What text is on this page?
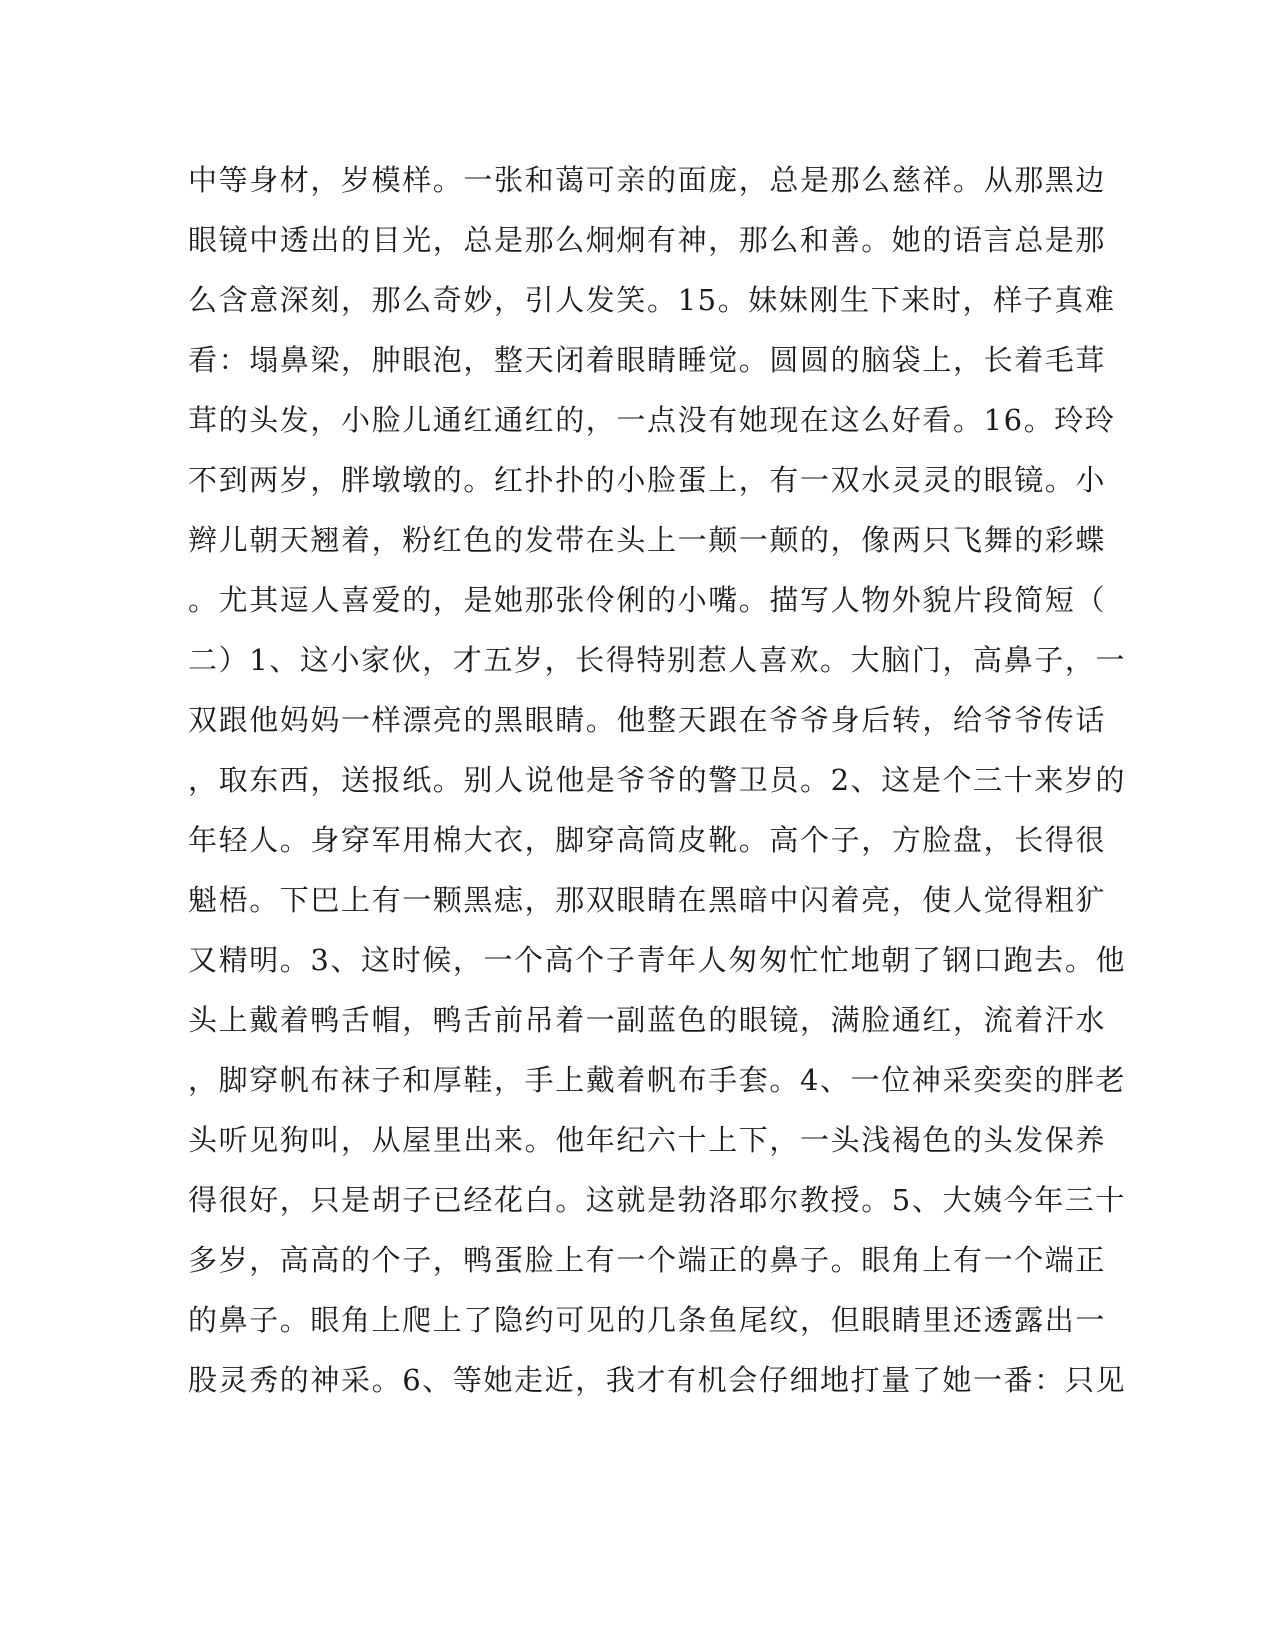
中等身材，岁模样。一张和蔼可亲的面庞，总是那么慈祥。从那黑边
眼镜中透出的目光，总是那么炯炯有神，那么和善。她的语言总是那
么含意深刻，那么奇妙，引人发笑。15。妹妹刚生下来时，样子真难
看：塌鼻梁，肿眼泡，整天闭着眼睛睡觉。圆圆的脑袋上，长着毛茸
茸的头发，小脸儿通红通红的，一点没有她现在这么好看。16。玲玲
不到两岁，胖墩墩的。红扑扑的小脸蛋上，有一双水灵灵的眼镜。小
辫儿朝天翘着，粉红色的发带在头上一颠一颠的，像两只飞舞的彩蝶
。尤其逗人喜爱的，是她那张伶俐的小嘴。描写人物外貌片段简短（
二）1、这小家伙，才五岁，长得特别惹人喜欢。大脑门，高鼻子，一
双跟他妈妈一样漂亮的黑眼睛。他整天跟在爷爷身后转，给爷爷传话
，取东西，送报纸。别人说他是爷爷的警卫员。2、这是个三十来岁的
年轻人。身穿军用棉大衣，脚穿高筒皮靴。高个子，方脸盘，长得很
魁梧。下巴上有一颗黑痣，那双眼睛在黑暗中闪着亮，使人觉得粗犷
又精明。3、这时候，一个高个子青年人匆匆忙忙地朝了钢口跑去。他
头上戴着鸭舌帽，鸭舌前吊着一副蓝色的眼镜，满脸通红，流着汗水
，脚穿帆布袜子和厚鞋，手上戴着帆布手套。4、一位神采奕奕的胖老
头听见狗叫，从屋里出来。他年纪六十上下，一头浅褐色的头发保养
得很好，只是胡子已经花白。这就是勃洛耶尔教授。5、大姨今年三十
多岁，高高的个子，鸭蛋脸上有一个端正的鼻子。眼角上有一个端正
的鼻子。眼角上爬上了隐约可见的几条鱼尾纹，但眼睛里还透露出一
股灵秀的神采。6、等她走近，我才有机会仔细地打量了她一番：只见
